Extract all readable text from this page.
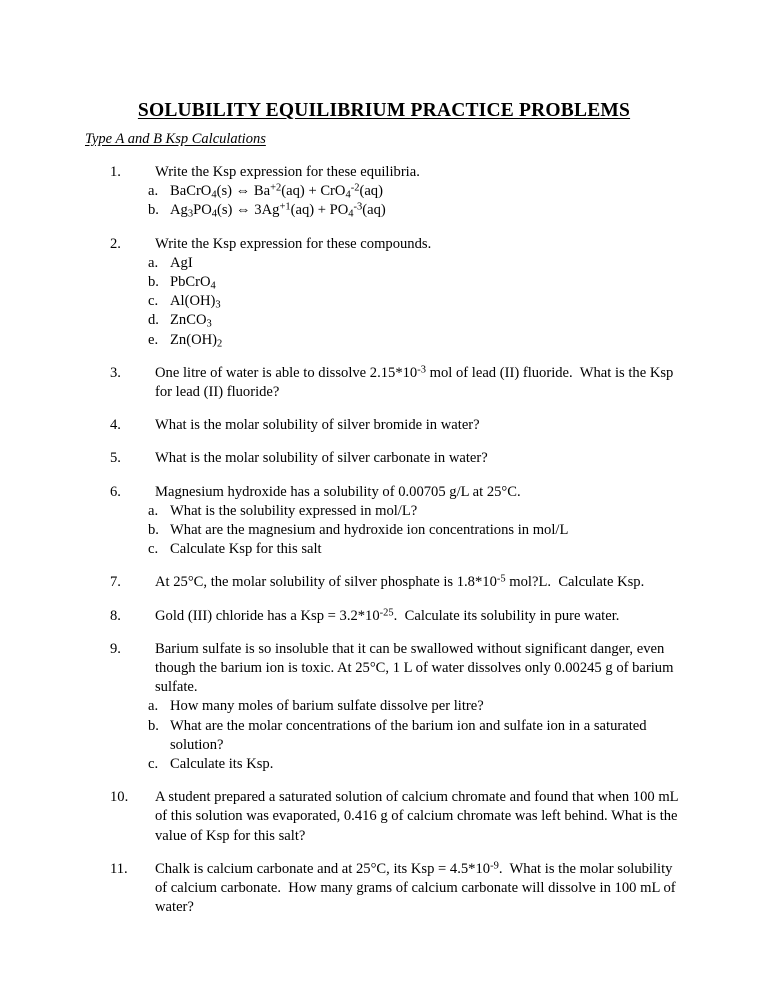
SOLUBILITY EQUILIBRIUM PRACTICE PROBLEMS
Type A and B Ksp Calculations
1.	Write the Ksp expression for these equilibria.
a. BaCrO$_4$(s) ⇔ $Ba^{+2}(aq) + CrO_4^{-2}(aq)$
b. $Ag_3PO_4(s)$ ⇔ $3Ag^{+1}(aq) + PO_4^{-3}(aq)$
2.	Write the Ksp expression for these compounds.
a. AgI
b. PbCrO$_4$
c. $Al(OH)_3$
d. ZnCO$_3$
e. $Zn(OH)_2$
3.	One litre of water is able to dissolve $2.15*10^{-3}$ mol of lead (II) fluoride.  What is the Ksp for lead (II) fluoride?
4.	What is the molar solubility of silver bromide in water?
5.	What is the molar solubility of silver carbonate in water?
6.	Magnesium hydroxide has a solubility of 0.00705 g/L at 25°C.
a. What is the solubility expressed in mol/L?
b. What are the magnesium and hydroxide ion concentrations in mol/L
c. Calculate Ksp for this salt
7.	At 25°C, the molar solubility of silver phosphate is $1.8*10^{-5}$ mol?L.  Calculate Ksp.
8.	Gold (III) chloride has a Ksp = $3.2*10^{-25}$.  Calculate its solubility in pure water.
9.	Barium sulfate is so insoluble that it can be swallowed without significant danger, even though the barium ion is toxic. At 25°C, 1 L of water dissolves only 0.00245 g of barium sulfate.
a. How many moles of barium sulfate dissolve per litre?
b. What are the molar concentrations of the barium ion and sulfate ion in a saturated solution?
c. Calculate its Ksp.
10.	A student prepared a saturated solution of calcium chromate and found that when 100 mL of this solution was evaporated, 0.416 g of calcium chromate was left behind. What is the value of Ksp for this salt?
11.	Chalk is calcium carbonate and at 25°C, its Ksp = $4.5*10^{-9}$.  What is the molar solubility of calcium carbonate.  How many grams of calcium carbonate will dissolve in 100 mL of water?
